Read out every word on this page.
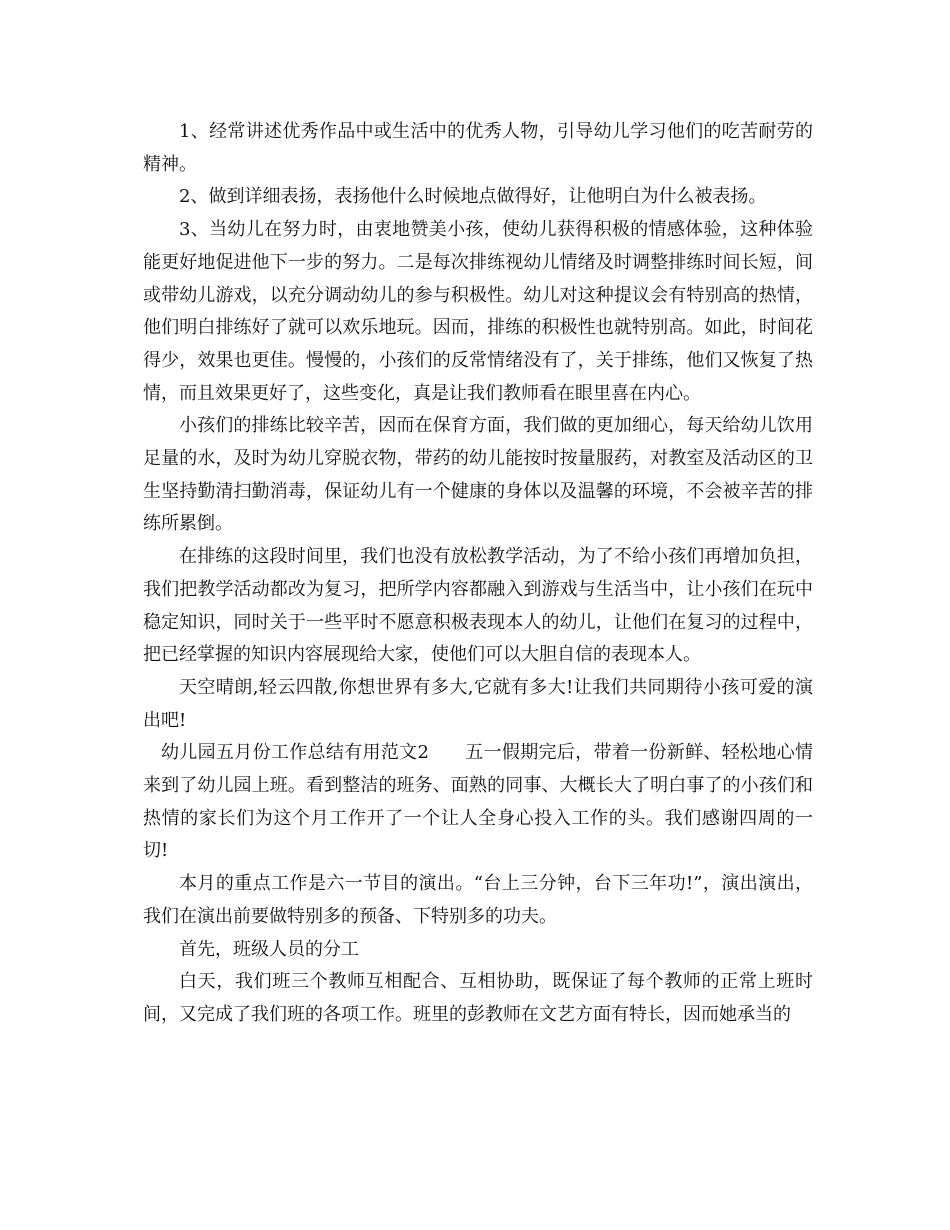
1、经常讲述优秀作品中或生活中的优秀人物，引导幼儿学习他们的吃苦耐劳的精神。

2、做到详细表扬，表扬他什么时候地点做得好，让他明白为什么被表扬。

3、当幼儿在努力时，由衷地赞美小孩，使幼儿获得积极的情感体验，这种体验能更好地促进他下一步的努力。二是每次排练视幼儿情绪及时调整排练时间长短，间或带幼儿游戏，以充分调动幼儿的参与积极性。幼儿对这种提议会有特别高的热情，他们明白排练好了就可以欢乐地玩。因而，排练的积极性也就特别高。如此，时间花得少，效果也更佳。慢慢的，小孩们的反常情绪没有了，关于排练，他们又恢复了热情，而且效果更好了，这些变化，真是让我们教师看在眼里喜在内心。

小孩们的排练比较辛苦，因而在保育方面，我们做的更加细心，每天给幼儿饮用足量的水，及时为幼儿穿脱衣物，带药的幼儿能按时按量服药，对教室及活动区的卫生坚持勤清扫勤消毒，保证幼儿有一个健康的身体以及温馨的环境，不会被辛苦的排练所累倒。

在排练的这段时间里，我们也没有放松教学活动，为了不给小孩们再增加负担，我们把教学活动都改为复习，把所学内容都融入到游戏与生活当中，让小孩们在玩中稳定知识，同时关于一些平时不愿意积极表现本人的幼儿，让他们在复习的过程中，把已经掌握的知识内容展现给大家，使他们可以大胆自信的表现本人。

天空晴朗,轻云四散,你想世界有多大,它就有多大!让我们共同期待小孩可爱的演出吧!

幼儿园五月份工作总结有用范文2 五一假期完后，带着一份新鲜、轻松地心情来到了幼儿园上班。看到整洁的班务、面熟的同事、大概长大了明白事了的小孩们和热情的家长们为这个月工作开了一个让人全身心投入工作的头。我们感谢四周的一切!

本月的重点工作是六一节目的演出。“台上三分钟，台下三年功!”，演出演出，我们在演出前要做特别多的预备、下特别多的功夫。

首先，班级人员的分工

白天，我们班三个教师互相配合、互相协助，既保证了每个教师的正常上班时间，又完成了我们班的各项工作。班里的彭教师在文艺方面有特长，因而她承当的
